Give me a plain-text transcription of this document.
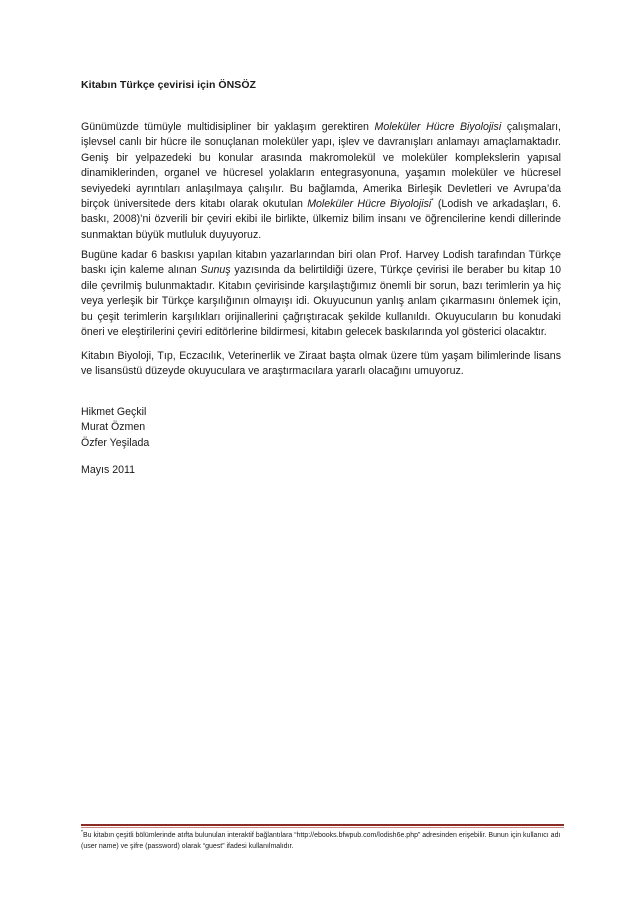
Kitabın Türkçe çevirisi için ÖNSÖZ

Günümüzde tümüyle multidisipliner bir yaklaşım gerektiren Moleküler Hücre Biyolojisi çalışmaları, işlevsel canlı bir hücre ile sonuçlanan moleküler yapı, işlev ve davranışları anlamayı amaçlamaktadır. Geniş bir yelpazedeki bu konular arasında makromolekül ve moleküler komplekslerin yapısal dinamiklerinden, organel ve hücresel yolakların entegrasyonuna, yaşamın moleküler ve hücresel seviyedeki ayrıntıları anlaşılmaya çalışılır. Bu bağlamda, Amerika Birleşik Devletleri ve Avrupa’da birçok üniversitede ders kitabı olarak okutulan Moleküler Hücre Biyolojisi* (Lodish ve arkadaşları, 6. baskı, 2008)’ni özverili bir çeviri ekibi ile birlikte, ülkemiz bilim insanı ve öğrencilerine kendi dillerinde sunmaktan büyük mutluluk duyuyoruz.

Bugüne kadar 6 baskısı yapılan kitabın yazarlarından biri olan Prof. Harvey Lodish tarafından Türkçe baskı için kaleme alınan Sunuş yazısında da belirtildiği üzere, Türkçe çevirisi ile beraber bu kitap 10 dile çevrilmiş bulunmaktadır. Kitabın çevirisinde karşılaştığımız önemli bir sorun, bazı terimlerin ya hiç veya yerleşik bir Türkçe karşılığının olmayışı idi. Okuyucunun yanlış anlam çıkarmasını önlemek için, bu çeşit terimlerin karşılıkları orijinallerini çağrıştıracak şekilde kullanıldı. Okuyucuların bu konudaki öneri ve eleştirilerini çeviri editörlerine bildirmesi, kitabın gelecek baskılarında yol gösterici olacaktır.

Kitabın Biyoloji, Tıp, Eczacılık, Veterinerlik ve Ziraat başta olmak üzere tüm yaşam bilimlerinde lisans ve lisansüstü düzeyde okuyuculara ve araştırmacılara yararlı olacağını umuyoruz.

Hikmet Geçkil
Murat Özmen
Özfer Yeşilada
Mayıs 2011
*Bu kitabın çeşitli bölümlerinde atıfta bulunulan interaktif bağlantılara “http://ebooks.bfwpub.com/lodish6e.php” adresinden erişebilir. Bunun için kullanıcı adı (user name) ve şifre (password) olarak “guest” ifadesi kullanılmalıdır.
